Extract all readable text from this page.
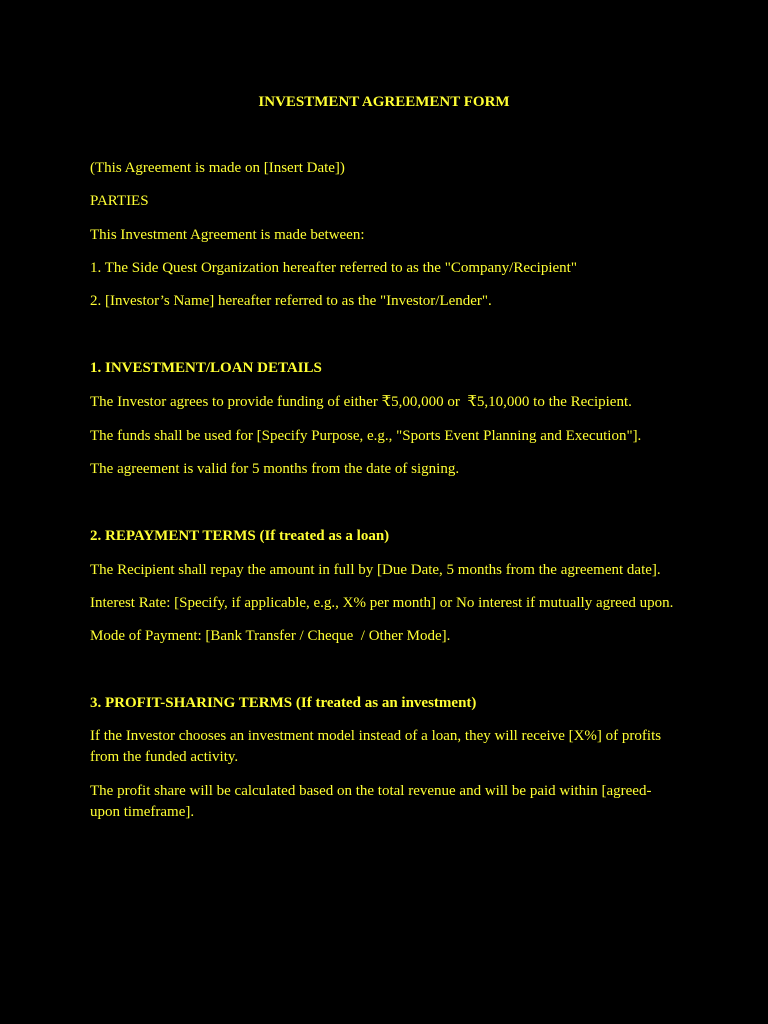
INVESTMENT AGREEMENT FORM

(This Agreement is made on [Insert Date])

PARTIES

This Investment Agreement is made between:

1. The Side Quest Organization hereafter referred to as the "Company/Recipient"

2. [Investor’s Name] hereafter referred to as the "Investor/Lender".

1. INVESTMENT/LOAN DETAILS

The Investor agrees to provide funding of either ₹5,00,000 or  ₹5,10,000 to the Recipient.

The funds shall be used for [Specify Purpose, e.g., "Sports Event Planning and Execution"].

The agreement is valid for 5 months from the date of signing.

2. REPAYMENT TERMS (If treated as a loan)

The Recipient shall repay the amount in full by [Due Date, 5 months from the agreement date].

Interest Rate: [Specify, if applicable, e.g., X% per month] or No interest if mutually agreed upon.

Mode of Payment: [Bank Transfer / Cheque  / Other Mode].

3. PROFIT-SHARING TERMS (If treated as an investment)

If the Investor chooses an investment model instead of a loan, they will receive [X%] of profits from the funded activity.

The profit share will be calculated based on the total revenue and will be paid within [agreed-upon timeframe].
